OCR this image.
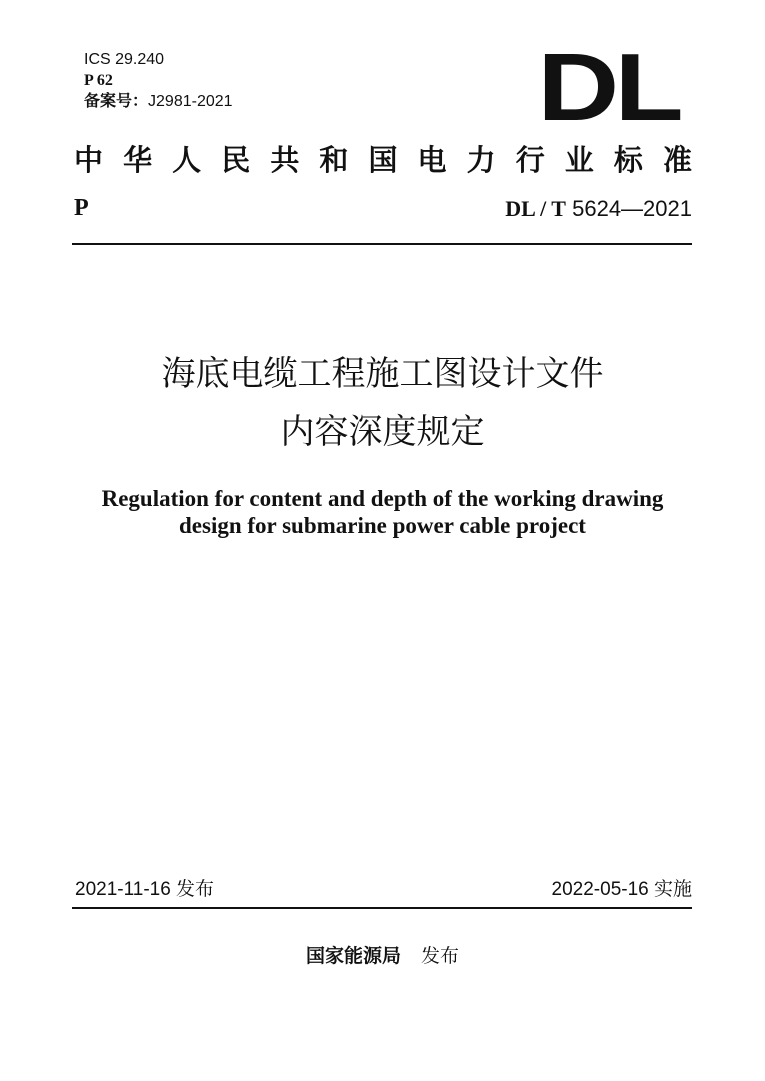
ICS 29.240
P 62
备案号：J2981-2021	DL
中 华 人 民 共 和 国 电 力 行 业 标 准
P	DL / T 5624—2021
海底电缆工程施工图设计文件
内容深度规定
Regulation for content and depth of the working drawing
design for submarine power cable project
2021-11-16 发布	2022-05-16 实施
国家能源局 发布
